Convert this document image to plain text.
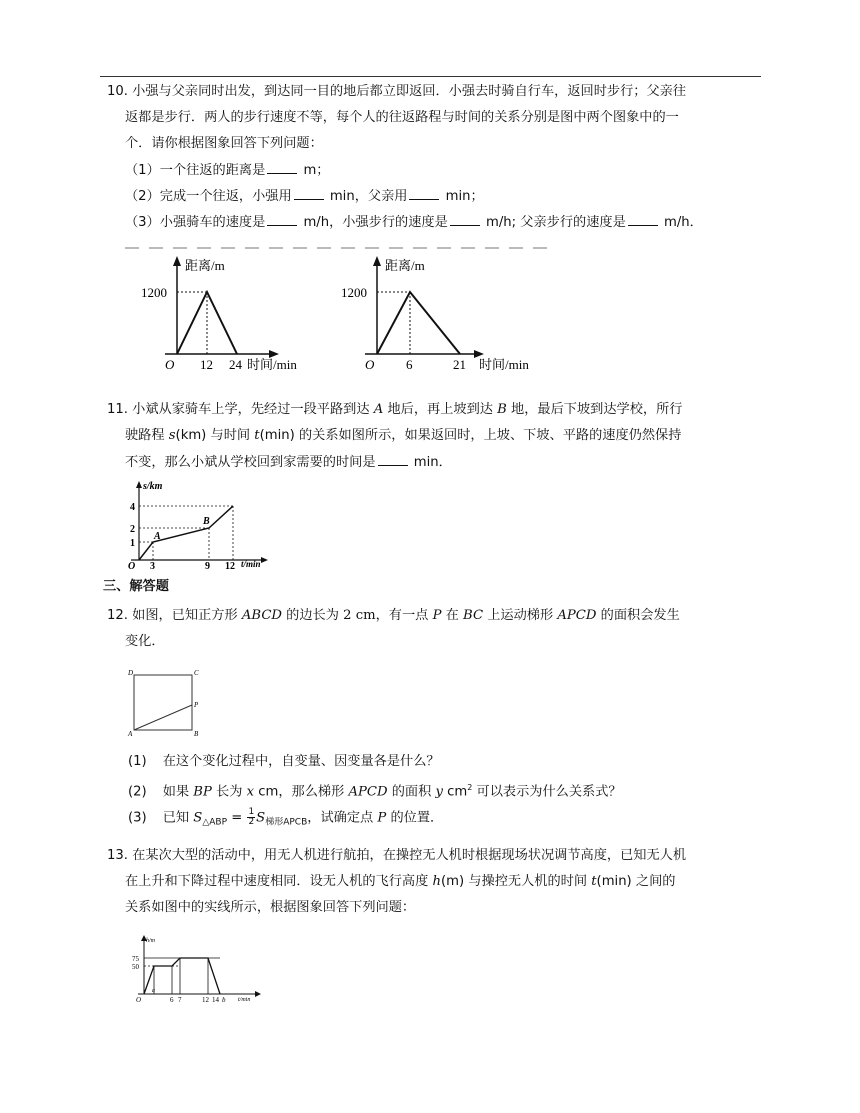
10. 小强与父亲同时出发，到达同一目的地后都立即返回．小强去时骑自行车，返回时步行；父亲往
返都是步行．两人的步行速度不等，每个人的往返路程与时间的关系分别是图中两个图象中的一
个．请你根据图象回答下列问题：
（1）一个往返的距离是	m；
（2）完成一个往返，小强用	min，父亲用	min；
（3）小强骑车的速度是	m/h，小强步行的速度是	m/h; 父亲步行的速度是	m/h．
距离/m
1200
O 12 24 时间/min
距离/m
1200
O 6	21 时间/min
11. 小斌从家骑车上学，先经过一段平路到达 A 地后，再上坡到达 B 地，最后下坡到达学校，所行
驶路程 s(km) 与时间 t(min) 的关系如图所示，如果返回时，上坡、下坡、平路的速度仍然保持
不变，那么小斌从学校回到家需要的时间是	min．
s/km
4
2
1
O 3	9 12 t/min
A
B
三、解答题
12. 如图，已知正方形 ABCD 的边长为 2 cm，有一点 P 在 BC 上运动梯形 APCD 的面积会发生
变化．
D	C
A	B
P
(1) 在这个变化过程中，自变量、因变量各是什么？
(2) 如果 BP 长为 x cm，那么梯形 APCD 的面积 y $cm^2$ 可以表示为什么关系式？
(3) 已知 $S_{\triangle ABP} = \frac{1}{2} S_{梯形APCB}$，试确定点 P 的位置．
13. 在某次大型的活动中，用无人机进行航拍，在操控无人机时根据现场状况调节高度，已知无人机
在上升和下降过程中速度相同．设无人机的飞行高度 h(m) 与操控无人机的时间 t(min) 之间的
关系如图中的实线所示，根据图象回答下列问题：
h/m
75
50
O
a
6 7	12 14 b t/min
